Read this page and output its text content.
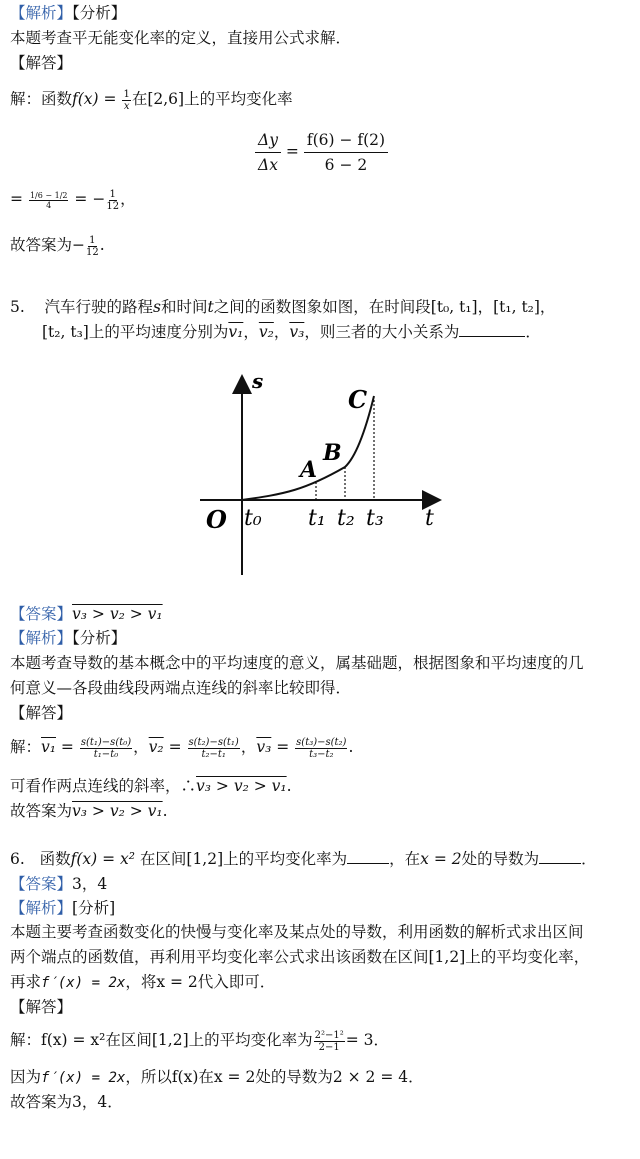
【解析】【分析】
本题考查平无能变化率的定义，直接用公式求解．
【解答】
解：函数$f(x) = \frac{1}{x}$ 在[2,6]上的平均变化率
$\frac{\Delta y}{\Delta x} = \frac{f(6) - f(2)}{6 - 2}$
= $\frac{1/6 - 1/2}{4}$ = − $\frac{1}{12}$ ，
故答案为− $\frac{1}{12}$ .
5. 汽车行驶的路程s和时间t之间的函数图象如图，在时间段[t₀, t₁]，[t₁, t₂]，
[t₂, t₃]上的平均速度分别为v₁，v₂，v₃，则三者的大小关系为	．
s
t
O t₀ t₁ t₂ t₃
A
B
C
【答案】v₃ > v₂ > v₁
【解析】【分析】
本题考查导数的基本概念中的平均速度的意义，属基础题，根据图象和平均速度的几
何意义—各段曲线段两端点连线的斜率比较即得．
【解答】
解：$v_1 = \frac{\text{s(t₁)−s(t₀)}}{\text{t₁−t₀}}$ ，$v_2 = \frac{\text{s(t₂)−s(t₁)}}{\text{t₂−t₁}}$ ，$v_3 = \frac{\text{s(t₃)−s(t₂)}}{\text{t₃−t₂}}$ .
可看作两点连线的斜率，∴v₃ > v₂ > v₁.
故答案为v₃ > v₂ > v₁.
6. 函数f(x) = x² 在区间[1,2]上的平均变化率为	，在x = 2处的导数为	．
【答案】3，4
【解析】[分析]
本题主要考查函数变化的快慢与变化率及某点处的导数，利用函数的解析式求出区间
两个端点的函数值，再利用平均变化率公式求出该函数在区间[1,2]上的平均变化率，
再求f′(x) = 2x，将x = 2代入即可．
【解答】
解：f(x) = x²在区间[1,2]上的平均变化率为 $\frac{\text{2²−1²}}{2-1} = 3$．
因为f′(x) = 2x，所以f(x)在x = 2处的导数为2 × 2 = 4．
故答案为3，4．
